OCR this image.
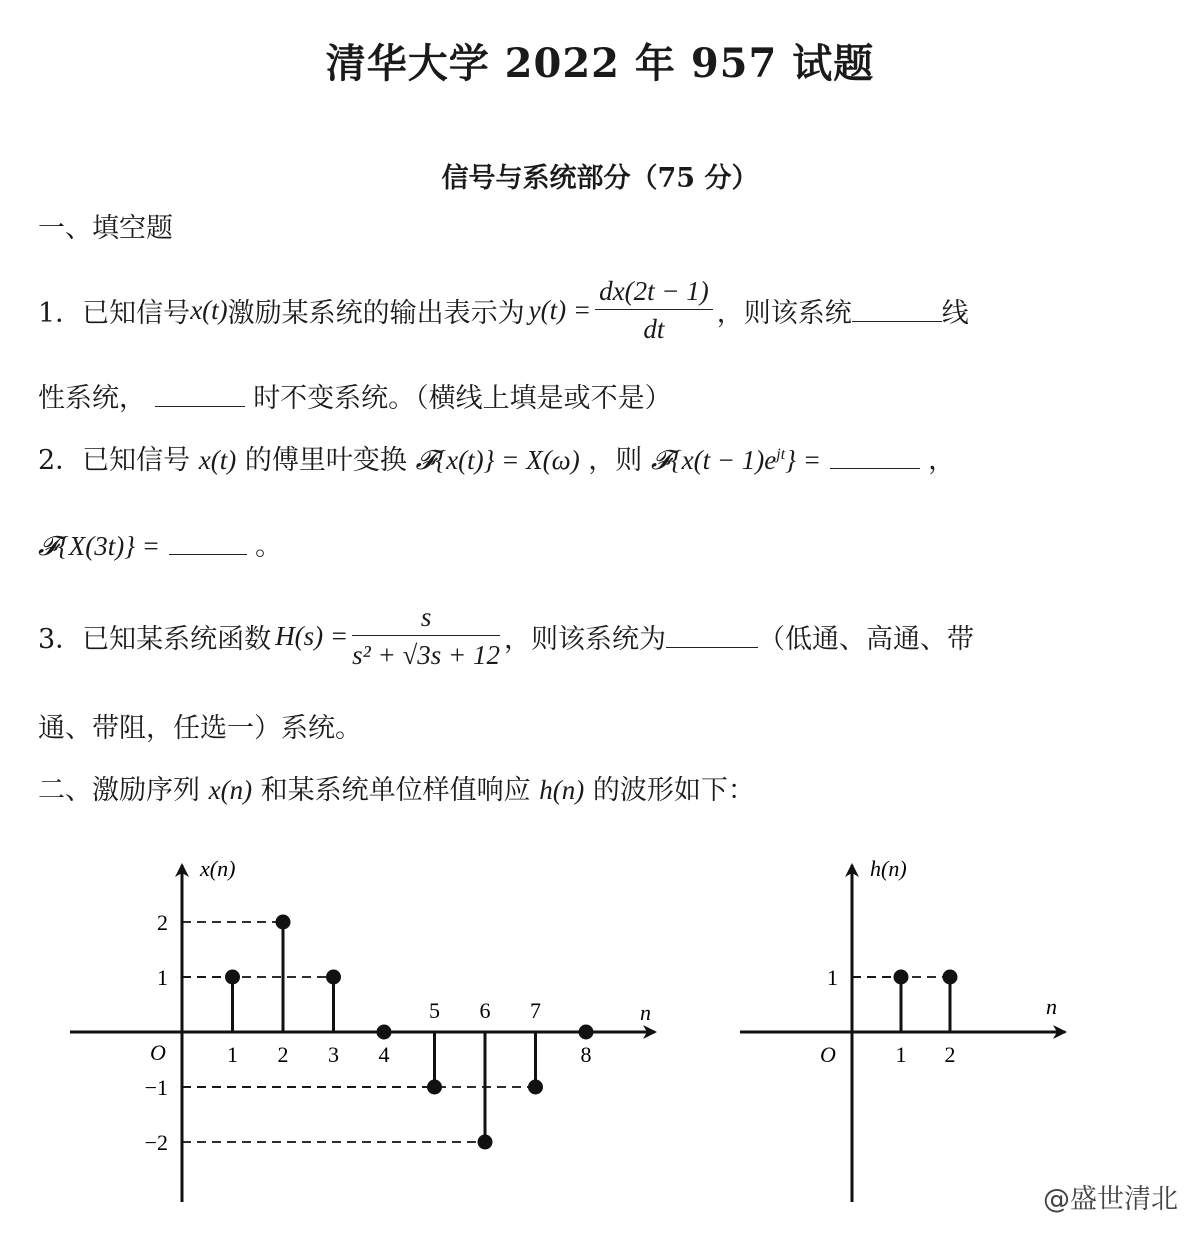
清华大学 2022 年 957 试题
信号与系统部分（75 分）
一、填空题
1．已知信号 x(t) 激励某系统的输出表示为 $y(t) = \frac{dx(2t - 1)}{dt}$ ，则该系统	线
性系统，	时不变系统。（横线上填是或不是）
2．已知信号 x(t) 的傅里叶变换 𝓕{x(t)} = X(ω) ，则 𝓕{x(t − $1)e^{jt}$} =	，
𝓕{X(3t)} =	。
3．已知某系统函数 $H(s) = \frac{s}{\text{s² + √3s + 12}}$ ，则该系统为	（低通、高通、带
通、带阻，任选一）系统。
二、激励序列 x(n) 和某系统单位样值响应 h(n) 的波形如下：
x(n)
n
O
2
1
−1
−2
1 2 3 4
5 6 7
8
h(n)
n
O
1
1 2
@盛世清北
